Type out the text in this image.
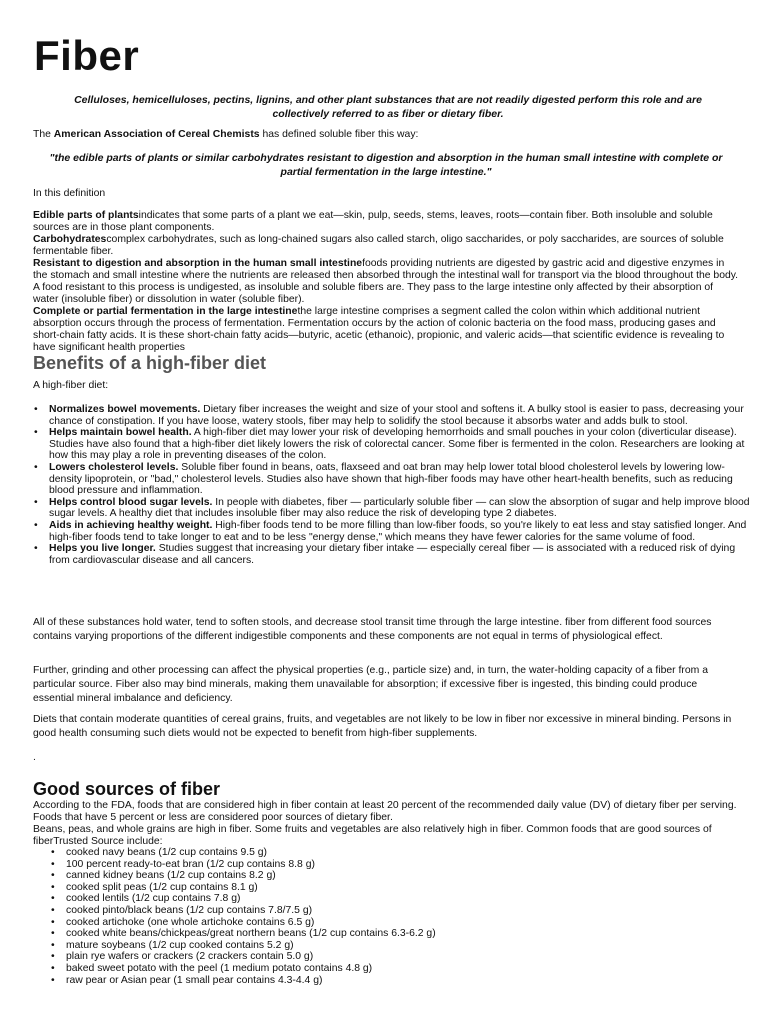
Fiber
Celluloses, hemicelluloses, pectins, lignins, and other plant substances that are not readily digested perform this role and are collectively referred to as fiber or dietary fiber.
The American Association of Cereal Chemists has defined soluble fiber this way:
"the edible parts of plants or similar carbohydrates resistant to digestion and absorption in the human small intestine with complete or partial fermentation in the large intestine."
In this definition
Edible parts of plantsindicates that some parts of a plant we eat—skin, pulp, seeds, stems, leaves, roots—contain fiber. Both insoluble and soluble sources are in those plant components.
Carbohydratescomplex carbohydrates, such as long-chained sugars also called starch, oligo saccharides, or poly saccharides, are sources of soluble fermentable fiber.
Resistant to digestion and absorption in the human small intestinefoods providing nutrients are digested by gastric acid and digestive enzymes in the stomach and small intestine where the nutrients are released then absorbed through the intestinal wall for transport via the blood throughout the body. A food resistant to this process is undigested, as insoluble and soluble fibers are. They pass to the large intestine only affected by their absorption of water (insoluble fiber) or dissolution in water (soluble fiber).
Complete or partial fermentation in the large intestinethe large intestine comprises a segment called the colon within which additional nutrient absorption occurs through the process of fermentation. Fermentation occurs by the action of colonic bacteria on the food mass, producing gases and short-chain fatty acids. It is these short-chain fatty acids—butyric, acetic (ethanoic), propionic, and valeric acids—that scientific evidence is revealing to have significant health properties
Benefits of a high-fiber diet
A high-fiber diet:
• Normalizes bowel movements. Dietary fiber increases the weight and size of your stool and softens it. A bulky stool is easier to pass, decreasing your chance of constipation. If you have loose, watery stools, fiber may help to solidify the stool because it absorbs water and adds bulk to stool.
• Helps maintain bowel health. A high-fiber diet may lower your risk of developing hemorrhoids and small pouches in your colon (diverticular disease). Studies have also found that a high-fiber diet likely lowers the risk of colorectal cancer. Some fiber is fermented in the colon. Researchers are looking at how this may play a role in preventing diseases of the colon.
• Lowers cholesterol levels. Soluble fiber found in beans, oats, flaxseed and oat bran may help lower total blood cholesterol levels by lowering low-density lipoprotein, or "bad," cholesterol levels. Studies also have shown that high-fiber foods may have other heart-health benefits, such as reducing blood pressure and inflammation.
• Helps control blood sugar levels. In people with diabetes, fiber — particularly soluble fiber — can slow the absorption of sugar and help improve blood sugar levels. A healthy diet that includes insoluble fiber may also reduce the risk of developing type 2 diabetes.
• Aids in achieving healthy weight. High-fiber foods tend to be more filling than low-fiber foods, so you're likely to eat less and stay satisfied longer. And high-fiber foods tend to take longer to eat and to be less "energy dense," which means they have fewer calories for the same volume of food.
• Helps you live longer. Studies suggest that increasing your dietary fiber intake — especially cereal fiber — is associated with a reduced risk of dying from cardiovascular disease and all cancers.
All of these substances hold water, tend to soften stools, and decrease stool transit time through the large intestine. fiber from different food sources contains varying proportions of the different indigestible components and these components are not equal in terms of physiological effect.
Further, grinding and other processing can affect the physical properties (e.g., particle size) and, in turn, the water-holding capacity of a fiber from a particular source. Fiber also may bind minerals, making them unavailable for absorption; if excessive fiber is ingested, this binding could produce essential mineral imbalance and deficiency.
Diets that contain moderate quantities of cereal grains, fruits, and vegetables are not likely to be low in fiber nor excessive in mineral binding. Persons in good health consuming such diets would not be expected to benefit from high-fiber supplements.
.
Good sources of fiber
According to the FDA, foods that are considered high in fiber contain at least 20 percent of the recommended daily value (DV) of dietary fiber per serving. Foods that have 5 percent or less are considered poor sources of dietary fiber.
Beans, peas, and whole grains are high in fiber. Some fruits and vegetables are also relatively high in fiber. Common foods that are good sources of fiberTrusted Source include:
• cooked navy beans (1/2 cup contains 9.5 g)
• 100 percent ready-to-eat bran (1/2 cup contains 8.8 g)
• canned kidney beans (1/2 cup contains 8.2 g)
• cooked split peas (1/2 cup contains 8.1 g)
• cooked lentils (1/2 cup contains 7.8 g)
• cooked pinto/black beans (1/2 cup contains 7.8/7.5 g)
• cooked artichoke (one whole artichoke contains 6.5 g)
• cooked white beans/chickpeas/great northern beans (1/2 cup contains 6.3-6.2 g)
• mature soybeans (1/2 cup cooked contains 5.2 g)
• plain rye wafers or crackers (2 crackers contain 5.0 g)
• baked sweet potato with the peel (1 medium potato contains 4.8 g)
• raw pear or Asian pear (1 small pear contains 4.3-4.4 g)
